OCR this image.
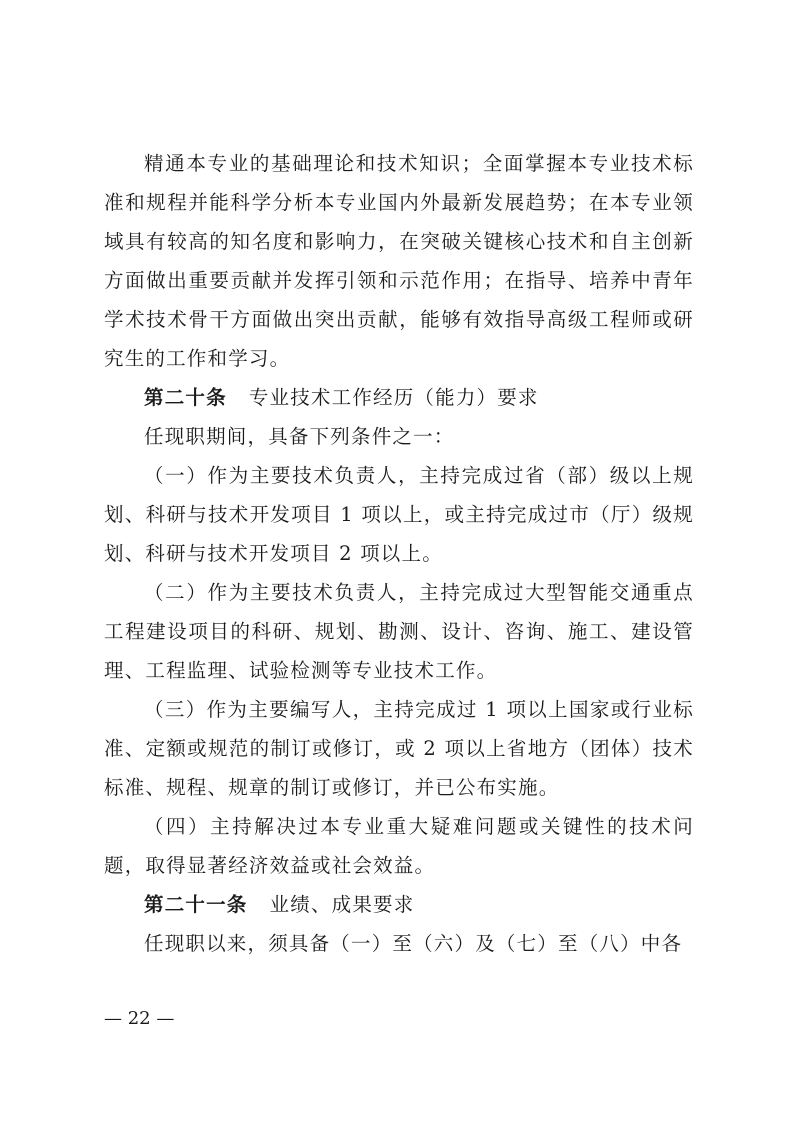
精通本专业的基础理论和技术知识；全面掌握本专业技术标准和规程并能科学分析本专业国内外最新发展趋势；在本专业领域具有较高的知名度和影响力，在突破关键核心技术和自主创新方面做出重要贡献并发挥引领和示范作用；在指导、培养中青年学术技术骨干方面做出突出贡献，能够有效指导高级工程师或研究生的工作和学习。

第二十条 专业技术工作经历（能力）要求

任现职期间，具备下列条件之一：

（一）作为主要技术负责人，主持完成过省（部）级以上规划、科研与技术开发项目 1 项以上，或主持完成过市（厅）级规划、科研与技术开发项目 2 项以上。

（二）作为主要技术负责人，主持完成过大型智能交通重点工程建设项目的科研、规划、勘测、设计、咨询、施工、建设管理、工程监理、试验检测等专业技术工作。

（三）作为主要编写人，主持完成过 1 项以上国家或行业标准、定额或规范的制订或修订，或 2 项以上省地方（团体）技术标准、规程、规章的制订或修订，并已公布实施。

（四）主持解决过本专业重大疑难问题或关键性的技术问题，取得显著经济效益或社会效益。

第二十一条 业绩、成果要求

任现职以来，须具备（一）至（六）及（七）至（八）中各

— 22 —
